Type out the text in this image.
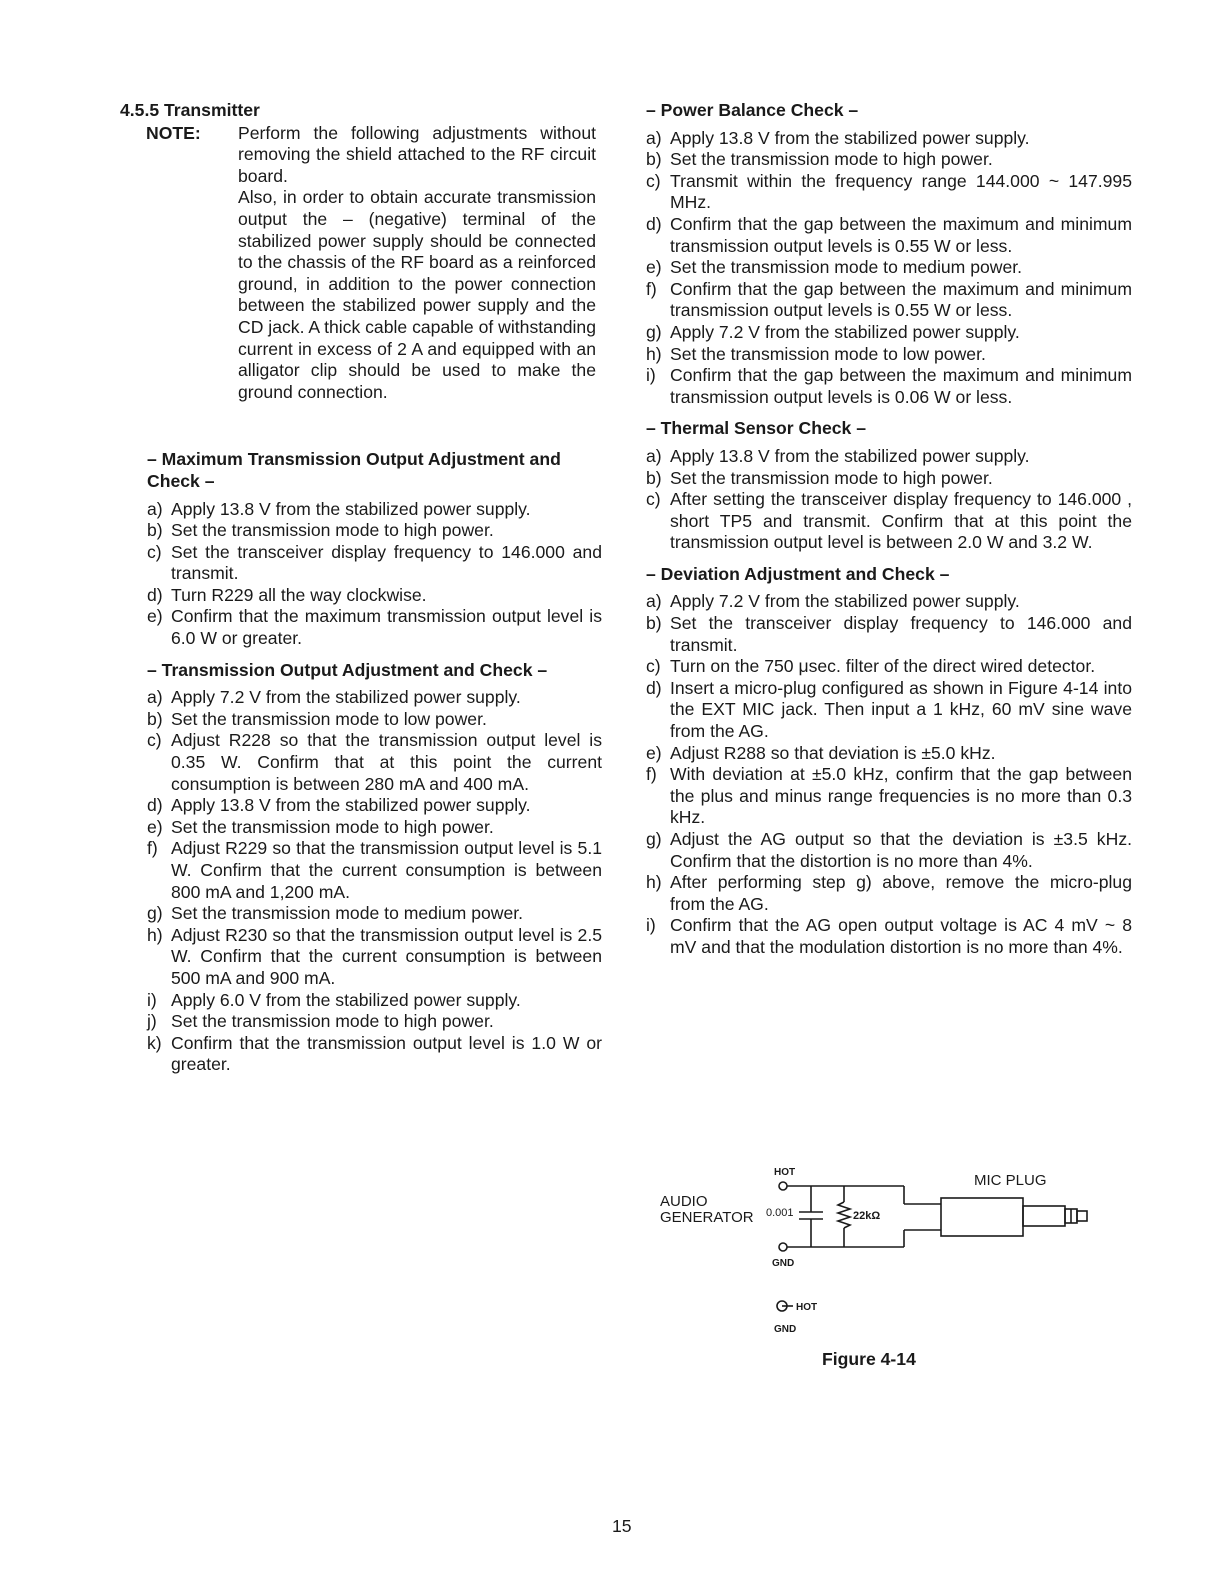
4.5.5 Transmitter
NOTE:	Perform the following adjustments without removing the shield attached to the RF circuit board.
Also, in order to obtain accurate transmission output the – (negative) terminal of the stabilized power supply should be connected to the chassis of the RF board as a reinforced ground, in addition to the power connection between the stabilized power supply and the CD jack. A thick cable capable of withstanding current in excess of 2 A and equipped with an alligator clip should be used to make the ground connection.
– Maximum Transmission Output Adjustment and Check –
a) Apply 13.8 V from the stabilized power supply.
b) Set the transmission mode to high power.
c) Set the transceiver display frequency to 146.000 and transmit.
d) Turn R229 all the way clockwise.
e) Confirm that the maximum transmission output level is 6.0 W or greater.
– Transmission Output Adjustment and Check –
a) Apply 7.2 V from the stabilized power supply.
b) Set the transmission mode to low power.
c) Adjust R228 so that the transmission output level is 0.35 W. Confirm that at this point the current consumption is between 280 mA and 400 mA.
d) Apply 13.8 V from the stabilized power supply.
e) Set the transmission mode to high power.
f) Adjust R229 so that the transmission output level is 5.1 W. Confirm that the current consumption is between 800 mA and 1,200 mA.
g) Set the transmission mode to medium power.
h) Adjust R230 so that the transmission output level is 2.5 W. Confirm that the current consumption is between 500 mA and 900 mA.
i) Apply 6.0 V from the stabilized power supply.
j) Set the transmission mode to high power.
k) Confirm that the transmission output level is 1.0 W or greater.
– Power Balance Check –
a) Apply 13.8 V from the stabilized power supply.
b) Set the transmission mode to high power.
c) Transmit within the frequency range 144.000 ~ 147.995 MHz.
d) Confirm that the gap between the maximum and minimum transmission output levels is 0.55 W or less.
e) Set the transmission mode to medium power.
f) Confirm that the gap between the maximum and minimum transmission output levels is 0.55 W or less.
g) Apply 7.2 V from the stabilized power supply.
h) Set the transmission mode to low power.
i) Confirm that the gap between the maximum and minimum transmission output levels is 0.06 W or less.
– Thermal Sensor Check –
a) Apply 13.8 V from the stabilized power supply.
b) Set the transmission mode to high power.
c) After setting the transceiver display frequency to 146.000 , short TP5 and transmit. Confirm that at this point the transmission output level is between 2.0 W and 3.2 W.
– Deviation Adjustment and Check –
a) Apply 7.2 V from the stabilized power supply.
b) Set the transceiver display frequency to 146.000 and transmit.
c) Turn on the 750 μsec. filter of the direct wired detector.
d) Insert a micro-plug configured as shown in Figure 4-14 into the EXT MIC jack. Then input a 1 kHz, 60 mV sine wave from the AG.
e) Adjust R288 so that deviation is ±5.0 kHz.
f) With deviation at ±5.0 kHz, confirm that the gap between the plus and minus range frequencies is no more than 0.3 kHz.
g) Adjust the AG output so that the deviation is ±3.5 kHz. Confirm that the distortion is no more than 4%.
h) After performing step g) above, remove the micro-plug from the AG.
i) Confirm that the AG open output voltage is AC 4 mV ~ 8 mV and that the modulation distortion is no more than 4%.
HOT
GND
AUDIO
GENERATOR 0.001	22kΩ
MIC PLUG
HOT
GND
Figure 4-14
15
